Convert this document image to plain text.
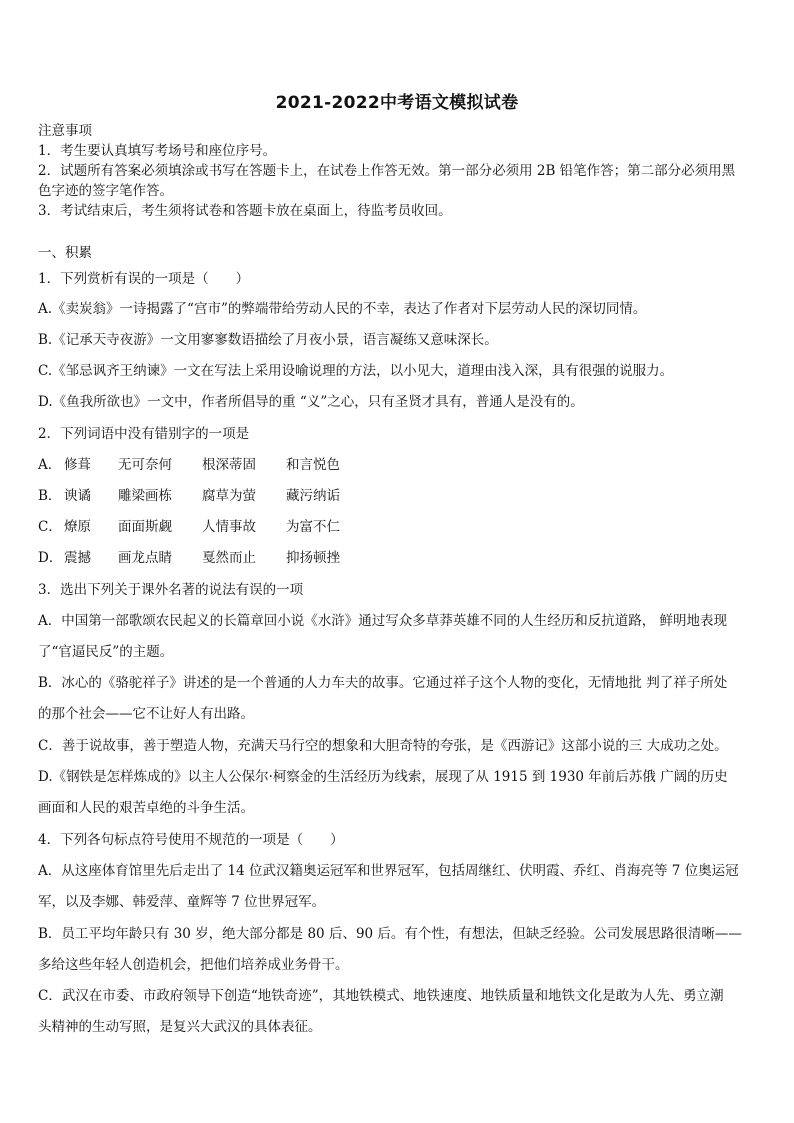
2021-2022中考语文模拟试卷
注意事项
1．考生要认真填写考场号和座位序号。
2．试题所有答案必须填涂或书写在答题卡上，在试卷上作答无效。第一部分必须用 2B 铅笔作答；第二部分必须用黑
色字迹的签字笔作答。
3．考试结束后，考生须将试卷和答题卡放在桌面上，待监考员收回。
一、积累
1．下列赏析有误的一项是（　　）
A.《卖炭翁》一诗揭露了“宫市”的弊端带给劳动人民的不幸，表达了作者对下层劳动人民的深切同情。
B.《记承天寺夜游》一文用寥寥数语描绘了月夜小景，语言凝练又意味深长。
C.《邹忌讽齐王纳谏》一文在写法上采用设喻说理的方法，以小见大，道理由浅入深，具有很强的说服力。
D.《鱼我所欲也》一文中，作者所倡导的重 “义”之心，只有圣贤才具有，普通人是没有的。
2．下列词语中没有错别字的一项是
A． 修葺 无可奈何 根深蒂固 和言悦色
B． 谀谲 雕梁画栋 腐草为萤 藏污纳诟
C． 燎原 面面斯觑 人情事故 为富不仁
D． 震撼 画龙点睛 戛然而止 抑扬顿挫
3．选出下列关于课外名著的说法有误的一项
A．中国第一部歌颂农民起义的长篇章回小说《水浒》通过写众多草莽英雄不同的人生经历和反抗道路， 鲜明地表现
了“官逼民反”的主题。
B．冰心的《骆驼祥子》讲述的是一个普通的人力车夫的故事。它通过祥子这个人物的变化，无情地批 判了祥子所处
的那个社会——它不让好人有出路。
C．善于说故事，善于塑造人物，充满天马行空的想象和大胆奇特的夸张，是《西游记》这部小说的三 大成功之处。
D.《钢铁是怎样炼成的》以主人公保尔·柯察金的生活经历为线索，展现了从 1915 到 1930 年前后苏俄 广阔的历史
画面和人民的艰苦卓绝的斗争生活。
4．下列各句标点符号使用不规范的一项是（　　）
A．从这座体育馆里先后走出了 14 位武汉籍奥运冠军和世界冠军，包括周继红、伏明霞、乔红、肖海亮等 7 位奥运冠
军，以及李娜、韩爱萍、童辉等 7 位世界冠军。
B．员工平均年龄只有 30 岁，绝大部分都是 80 后、90 后。有个性，有想法，但缺乏经验。公司发展思路很清晰——
多给这些年轻人创造机会，把他们培养成业务骨干。
C．武汉在市委、市政府领导下创造“地铁奇迹”，其地铁模式、地铁速度、地铁质量和地铁文化是敢为人先、勇立潮
头精神的生动写照，是复兴大武汉的具体表征。
